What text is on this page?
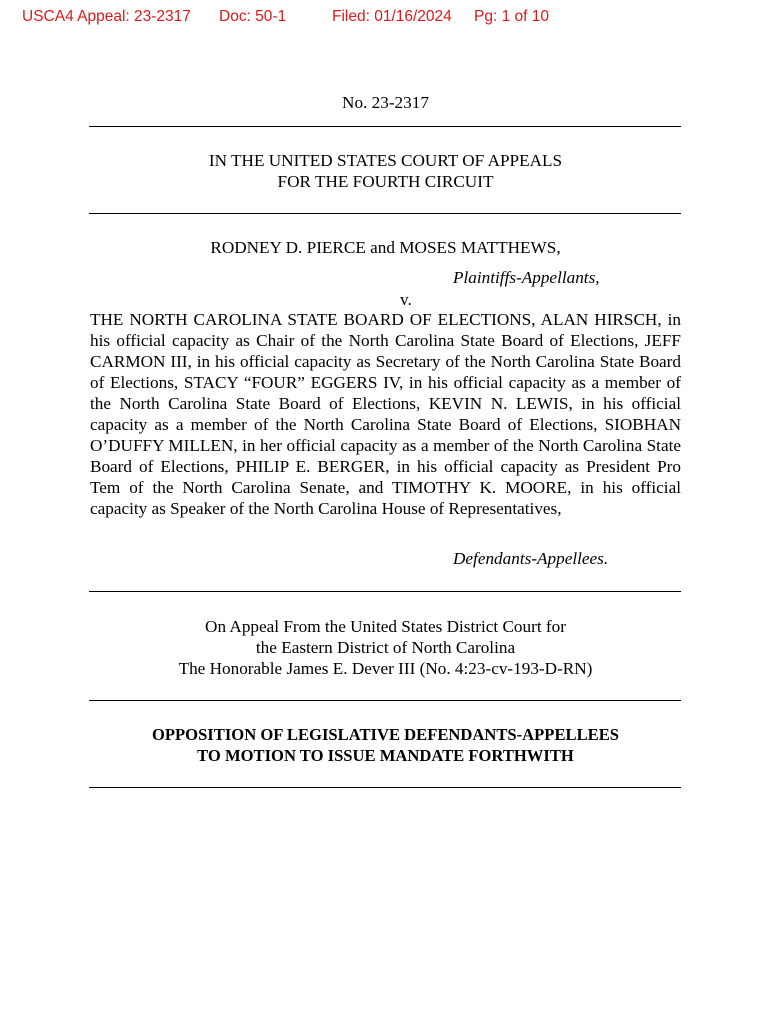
USCA4 Appeal: 23-2317 Doc: 50-1	Filed: 01/16/2024 Pg: 1 of 10
No. 23-2317
IN THE UNITED STATES COURT OF APPEALS
FOR THE FOURTH CIRCUIT
RODNEY D. PIERCE and MOSES MATTHEWS,
Plaintiffs-Appellants,
v.
THE NORTH CAROLINA STATE BOARD OF ELECTIONS, ALAN HIRSCH, in his official capacity as Chair of the North Carolina State Board of Elections, JEFF CARMON III, in his official capacity as Secretary of the North Carolina State Board of Elections, STACY “FOUR” EGGERS IV, in his official capacity as a member of the North Carolina State Board of Elections, KEVIN N. LEWIS, in his official capacity as a member of the North Carolina State Board of Elections, SIOBHAN O’DUFFY MILLEN, in her official capacity as a member of the North Carolina State Board of Elections, PHILIP E. BERGER, in his official capacity as President Pro Tem of the North Carolina Senate, and TIMOTHY K. MOORE, in his official capacity as Speaker of the North Carolina House of Representatives,
Defendants-Appellees.
On Appeal From the United States District Court for
the Eastern District of North Carolina
The Honorable James E. Dever III (No. 4:23-cv-193-D-RN)
OPPOSITION OF LEGISLATIVE DEFENDANTS-APPELLEES
TO MOTION TO ISSUE MANDATE FORTHWITH
